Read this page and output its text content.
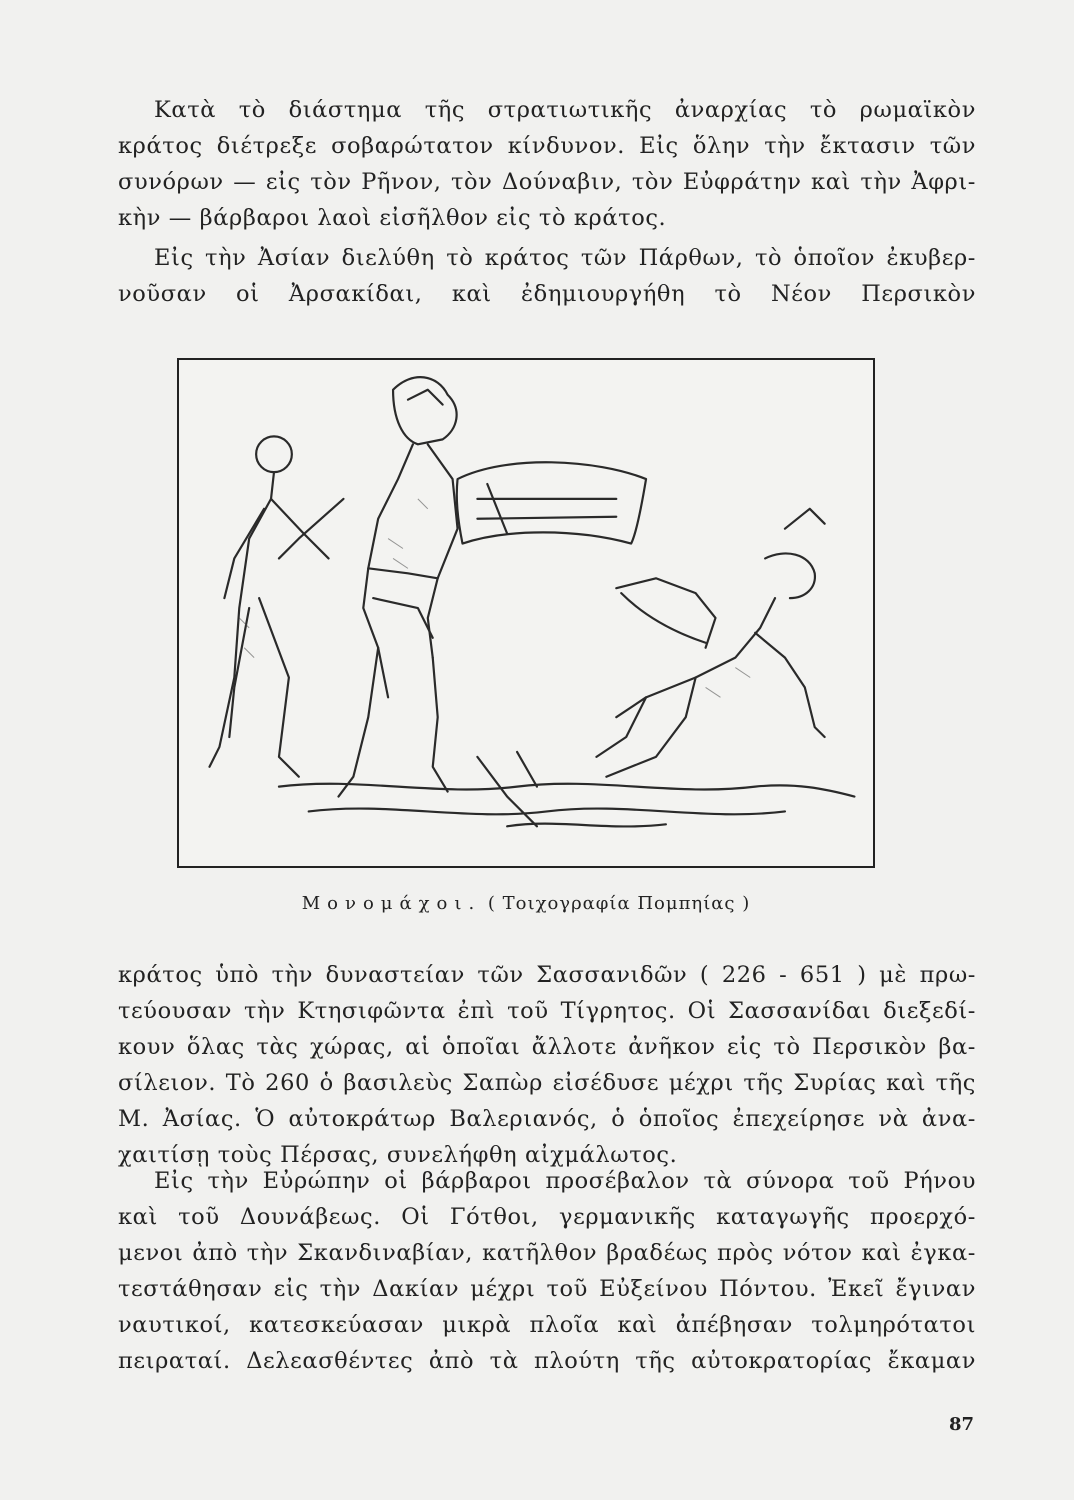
Κατὰ τὸ διάστημα τῆς στρατιωτικῆς ἀναρχίας τὸ ρωμαϊκὸν
κράτος διέτρεξε σοβαρώτατον κίνδυνον. Εἰς ὅλην τὴν ἔκτασιν τῶν
συνόρων — εἰς τὸν Ρῆνον, τὸν Δούναβιν, τὸν Εὐφράτην καὶ τὴν Ἀφρι-
κὴν — βάρβαροι λαοὶ εἰσῆλθον εἰς τὸ κράτος.
Εἰς τὴν Ἀσίαν διελύθη τὸ κράτος τῶν Πάρθων, τὸ ὁποῖον ἐκυβερ-
νοῦσαν οἱ Ἀρσακίδαι, καὶ ἐδημιουργήθη τὸ Νέον Περσικὸν
Μονομάχοι. ( Τοιχογραφία Πομπηίας )
κράτος ὑπὸ τὴν δυναστείαν τῶν Σασσανιδῶν ( 226 - 651 ) μὲ πρω-
τεύουσαν τὴν Κτησιφῶντα ἐπὶ τοῦ Τίγρητος. Οἱ Σασσανίδαι διεξεδί-
κουν ὅλας τὰς χώρας, αἱ ὁποῖαι ἄλλοτε ἀνῆκον εἰς τὸ Περσικὸν βα-
σίλειον. Τὸ 260 ὁ βασιλεὺς Σαπὼρ εἰσέδυσε μέχρι τῆς Συρίας καὶ τῆς
Μ. Ἀσίας. Ὁ αὐτοκράτωρ Βαλεριανός, ὁ ὁποῖος ἐπεχείρησε νὰ ἀνα-
χαιτίσῃ τοὺς Πέρσας, συνελήφθη αἰχμάλωτος.
Εἰς τὴν Εὐρώπην οἱ βάρβαροι προσέβαλον τὰ σύνορα τοῦ Ρήνου
καὶ τοῦ Δουνάβεως. Οἱ Γότθοι, γερμανικῆς καταγωγῆς προερχό-
μενοι ἀπὸ τὴν Σκανδιναβίαν, κατῆλθον βραδέως πρὸς νότον καὶ ἐγκα-
τεστάθησαν εἰς τὴν Δακίαν μέχρι τοῦ Εὐξείνου Πόντου. Ἐκεῖ ἔγιναν
ναυτικοί, κατεσκεύασαν μικρὰ πλοῖα καὶ ἀπέβησαν τολμηρότατοι
πειραταί. Δελεασθέντες ἀπὸ τὰ πλούτη τῆς αὐτοκρατορίας ἔκαμαν
87
